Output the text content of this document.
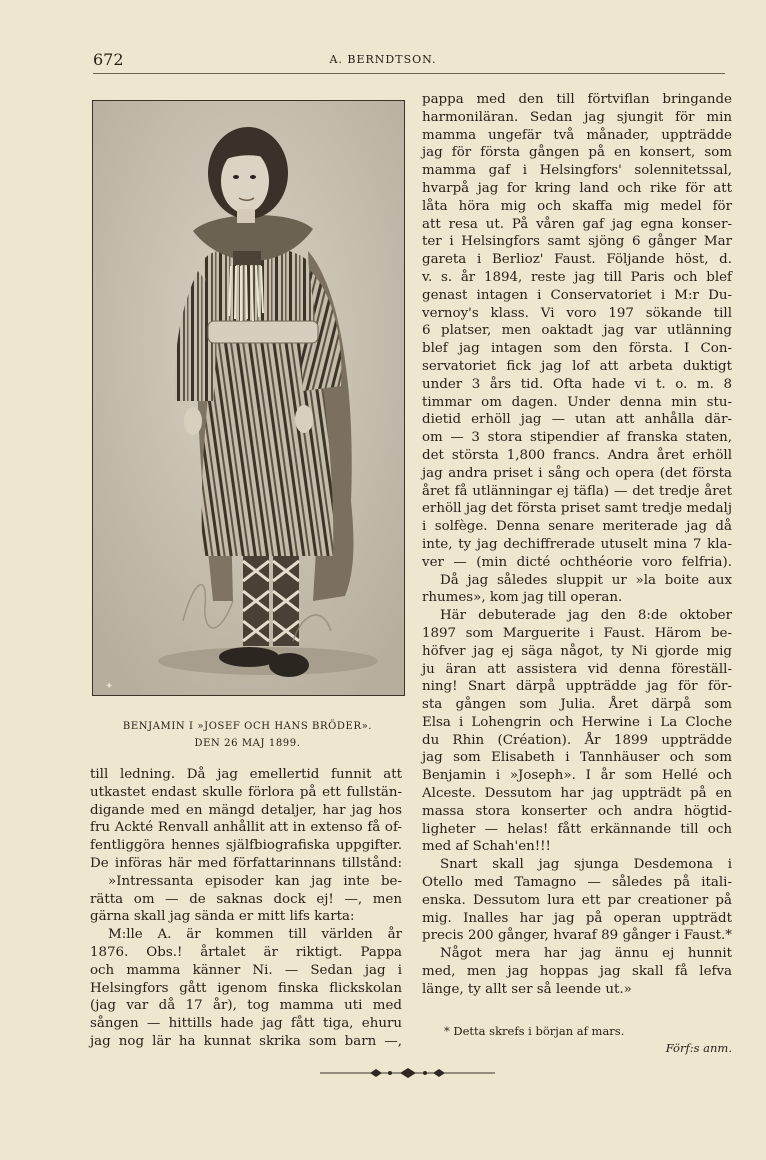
672	A. BERNDTSON.
✦
BENJAMIN I »JOSEF OCH HANS BRÖDER».
DEN 26 MAJ 1899.
pappa med den till förtviflan bringande
harmoniläran. Sedan jag sjungit för min
mamma ungefär två månader, uppträdde
jag för första gången på en konsert, som
mamma gaf i Helsingfors' solennitetssal,
hvarpå jag for kring land och rike för att
låta höra mig och skaffa mig medel för
att resa ut. På våren gaf jag egna konser-
ter i Helsingfors samt sjöng 6 gånger Mar
gareta i Berlioz' Faust. Följande höst, d.
v. s. år 1894, reste jag till Paris och blef
genast intagen i Conservatoriet i M:r Du-
vernoy's klass. Vi voro 197 sökande till
6 platser, men oaktadt jag var utlänning
blef jag intagen som den första. I Con-
servatoriet fick jag lof att arbeta duktigt
under 3 års tid. Ofta hade vi t. o. m. 8
timmar om dagen. Under denna min stu-
dietid erhöll jag — utan att anhålla där-
om — 3 stora stipendier af franska staten,
det största 1,800 francs. Andra året erhöll
jag andra priset i sång och opera (det första
året få utlänningar ej täfla) — det tredje året
erhöll jag det första priset samt tredje medalj
i solfège. Denna senare meriterade jag då
inte, ty jag dechiffrerade utuselt mina 7 kla-
ver — (min dicté ochthéorie voro felfria).
Då jag således sluppit ur »la boite aux
rhumes», kom jag till operan.
Här debuterade jag den 8:de oktober
1897 som Marguerite i Faust. Härom be-
höfver jag ej säga något, ty Ni gjorde mig
ju äran att assistera vid denna föreställ-
ning! Snart därpå uppträdde jag för för-
sta gången som Julia. Året därpå som
Elsa i Lohengrin och Herwine i La Cloche
du Rhin (Création). År 1899 uppträdde
jag som Elisabeth i Tannhäuser och som
Benjamin i »Joseph». I år som Hellé och
Alceste. Dessutom har jag uppträdt på en
massa stora konserter och andra högtid-
ligheter — helas! fått erkännande till och
med af Schah'en!!!
Snart skall jag sjunga Desdemona i
Otello med Tamagno — således på itali-
enska. Dessutom lura ett par creationer på
mig. Inalles har jag på operan uppträdt
precis 200 gånger, hvaraf 89 gånger i Faust.*
Något mera har jag ännu ej hunnit
med, men jag hoppas jag skall få lefva
länge, ty allt ser så leende ut.»
till ledning. Då jag emellertid funnit att
utkastet endast skulle förlora på ett fullstän-
digande med en mängd detaljer, har jag hos
fru Ackté Renvall anhållit att in extenso få of-
fentliggöra hennes själfbiografiska uppgifter.
De införas här med författarinnans tillstånd:
»Intressanta episoder kan jag inte be-
rätta om — de saknas dock ej! —, men
gärna skall jag sända er mitt lifs karta:
M:lle A. är kommen till världen år
1876. Obs.! årtalet är riktigt. Pappa
och mamma känner Ni. — Sedan jag i
Helsingfors gått igenom finska flickskolan
(jag var då 17 år), tog mamma uti med
sången — hittills hade jag fått tiga, ehuru
jag nog lär ha kunnat skrika som barn —,
* Detta skrefs i början af mars.
Förf:s anm.
